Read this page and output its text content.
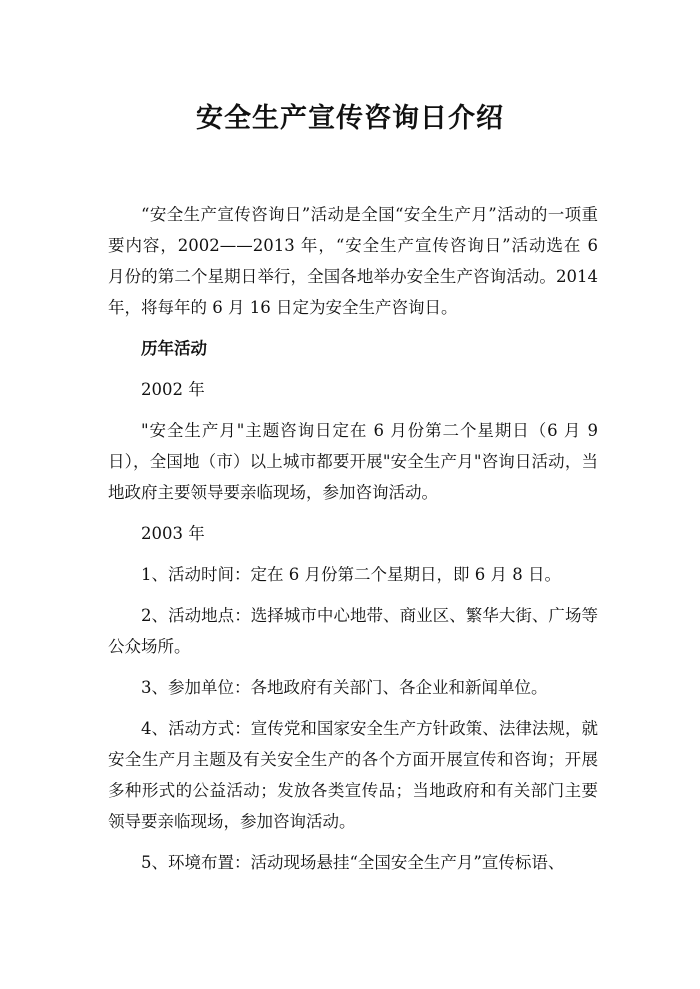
安全生产宣传咨询日介绍

“安全生产宣传咨询日”活动是全国“安全生产月”活动的一项重要内容，2002——2013 年，“安全生产宣传咨询日”活动选在 6 月份的第二个星期日举行，全国各地举办安全生产咨询活动。2014 年，将每年的 6 月 16 日定为安全生产咨询日。

历年活动

2002 年

"安全生产月"主题咨询日定在 6 月份第二个星期日（6 月 9 日），全国地（市）以上城市都要开展"安全生产月"咨询日活动，当地政府主要领导要亲临现场，参加咨询活动。

2003 年

1、活动时间：定在 6 月份第二个星期日，即 6 月 8 日。

2、活动地点：选择城市中心地带、商业区、繁华大街、广场等公众场所。

3、参加单位：各地政府有关部门、各企业和新闻单位。

4、活动方式：宣传党和国家安全生产方针政策、法律法规，就安全生产月主题及有关安全生产的各个方面开展宣传和咨询；开展多种形式的公益活动；发放各类宣传品；当地政府和有关部门主要领导要亲临现场，参加咨询活动。

5、环境布置：活动现场悬挂“全国安全生产月”宣传标语、
